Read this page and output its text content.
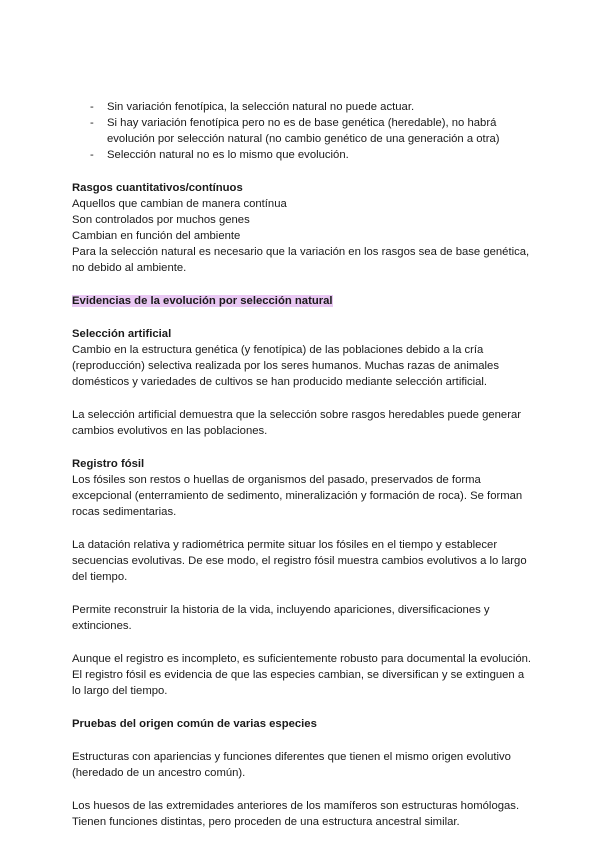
- Sin variación fenotípica, la selección natural no puede actuar.
- Si hay variación fenotípica pero no es de base genética (heredable), no habrá evolución por selección natural (no cambio genético de una generación a otra)
- Selección natural no es lo mismo que evolución.

Rasgos cuantitativos/contínuos

Aquellos que cambian de manera contínua

Son controlados por muchos genes

Cambian en función del ambiente

Para la selección natural es necesario que la variación en los rasgos sea de base genética, no debido al ambiente.

Evidencias de la evolución por selección natural

Selección artificial

Cambio en la estructura genética (y fenotípica) de las poblaciones debido a la cría (reproducción) selectiva realizada por los seres humanos. Muchas razas de animales domésticos y variedades de cultivos se han producido mediante selección artificial.

La selección artificial demuestra que la selección sobre rasgos heredables puede generar cambios evolutivos en las poblaciones.

Registro fósil

Los fósiles son restos o huellas de organismos del pasado, preservados de forma excepcional (enterramiento de sedimento, mineralización y formación de roca). Se forman rocas sedimentarias.

La datación relativa y radiométrica permite situar los fósiles en el tiempo y establecer secuencias evolutivas. De ese modo, el registro fósil muestra cambios evolutivos a lo largo del tiempo.

Permite reconstruir la historia de la vida, incluyendo apariciones, diversificaciones y extinciones.

Aunque el registro es incompleto, es suficientemente robusto para documental la evolución. El registro fósil es evidencia de que las especies cambian, se diversifican y se extinguen a lo largo del tiempo.

Pruebas del origen común de varias especies

Estructuras con apariencias y funciones diferentes que tienen el mismo origen evolutivo (heredado de un ancestro común).

Los huesos de las extremidades anteriores de los mamíferos son estructuras homólogas. Tienen funciones distintas, pero proceden de una estructura ancestral similar.
